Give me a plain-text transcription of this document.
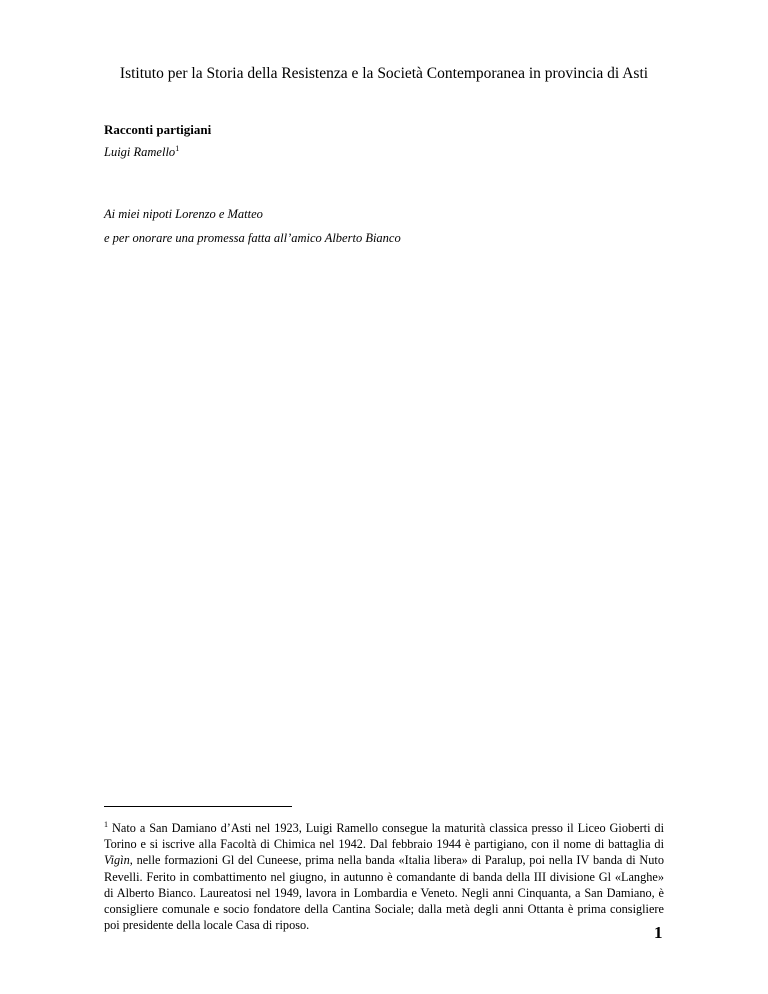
Istituto per la Storia della Resistenza e la Società Contemporanea in provincia di Asti
Racconti partigiani
Luigi Ramello$^1$
Ai miei nipoti Lorenzo e Matteo
e per onorare una promessa fatta all’amico Alberto Bianco
$^1$ Nato a San Damiano d’Asti nel 1923, Luigi Ramello consegue la maturità classica presso il Liceo Gioberti di Torino e si iscrive alla Facoltà di Chimica nel 1942. Dal febbraio 1944 è partigiano, con il nome di battaglia di Vigìn, nelle formazioni Gl del Cuneese, prima nella banda «Italia libera» di Paralup, poi nella IV banda di Nuto Revelli. Ferito in combattimento nel giugno, in autunno è comandante di banda della III divisione Gl «Langhe» di Alberto Bianco. Laureatosi nel 1949, lavora in Lombardia e Veneto. Negli anni Cinquanta, a San Damiano, è consigliere comunale e socio fondatore della Cantina Sociale; dalla metà degli anni Ottanta è prima consigliere poi presidente della locale Casa di riposo.	1
